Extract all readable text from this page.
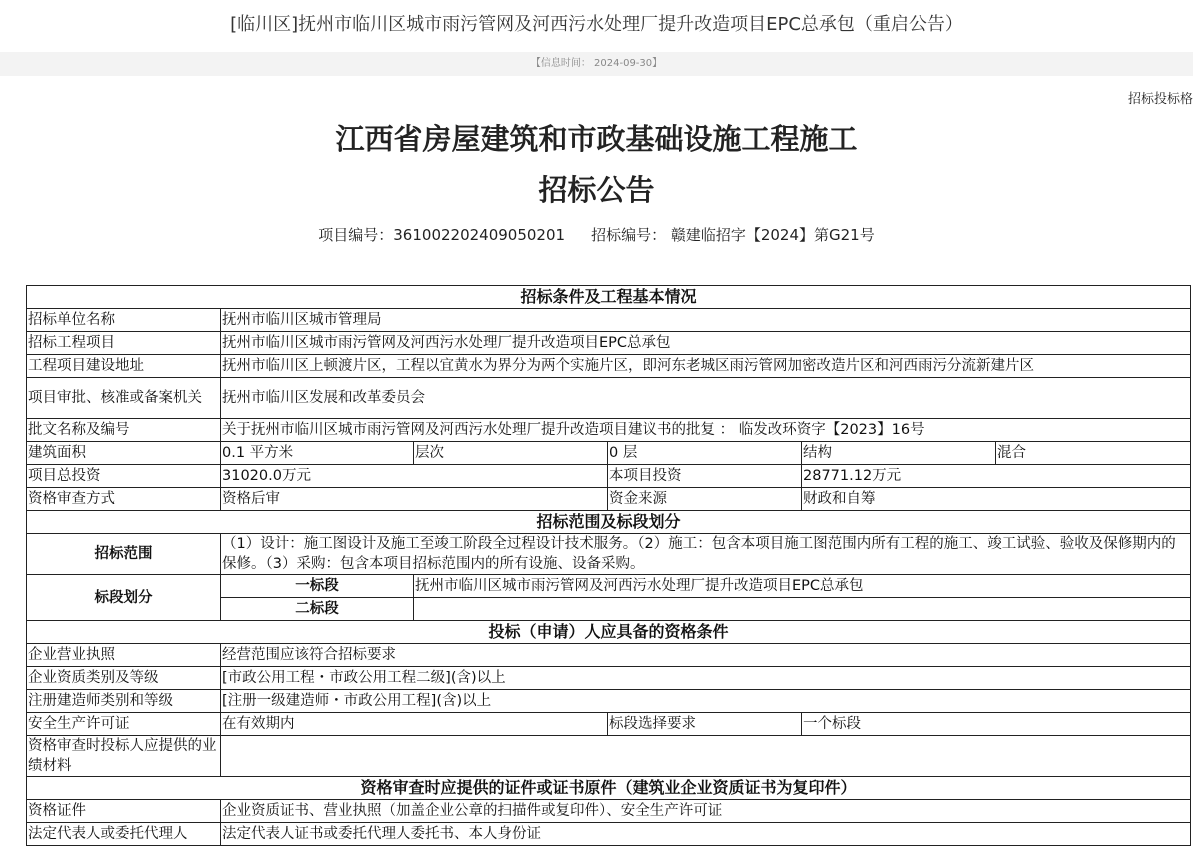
[临川区]抚州市临川区城市雨污管网及河西污水处理厂提升改造项目EPC总承包（重启公告）
【信息时间： 2024-09-30】
招标投标格
江西省房屋建筑和市政基础设施工程施工
招标公告
项目编号：361002202409050201 招标编号： 赣建临招字【2024】第G21号
招标条件及工程基本情况					
招标单位名称	抚州市临川区城市管理局				
招标工程项目	抚州市临川区城市雨污管网及河西污水处理厂提升改造项目EPC总承包				
工程项目建设地址	抚州市临川区上顿渡片区，工程以宜黄水为界分为两个实施片区，即河东老城区雨污管网加密改造片区和河西雨污分流新建片区				
项目审批、核准或备案机关	抚州市临川区发展和改革委员会				
批文名称及编号	关于抚州市临川区城市雨污管网及河西污水处理厂提升改造项目建议书的批复 ： 临发改环资字【2023】16号				
建筑面积	0.1 平方米	层次	0 层	结构	混合
项目总投资	31020.0万元		本项目投资	28771.12万元	
资格审查方式	资格后审		资金来源	财政和自筹	
招标范围及标段划分					
招标范围	（1）设计：施工图设计及施工至竣工阶段全过程设计技术服务。（2）施工：包含本项目施工图范围内所有工程的施工、竣工试验、验收及保修期内的保修。（3）采购：包含本项目招标范围内的所有设施、设备采购。				
标段划分	一标段	抚州市临川区城市雨污管网及河西污水处理厂提升改造项目EPC总承包			
	二标段				
投标（申请）人应具备的资格条件					
企业营业执照	经营范围应该符合招标要求				
企业资质类别及等级	[市政公用工程・市政公用工程二级](含)以上				
注册建造师类别和等级	[注册一级建造师・市政公用工程](含)以上				
安全生产许可证	在有效期内		标段选择要求	一个标段	
资格审查时投标人应提供的业绩材料					
资格审查时应提供的证件或证书原件（建筑业企业资质证书为复印件）					
资格证件	企业资质证书、营业执照（加盖企业公章的扫描件或复印件）、安全生产许可证				
法定代表人或委托代理人	法定代表人证书或委托代理人委托书、本人身份证				
